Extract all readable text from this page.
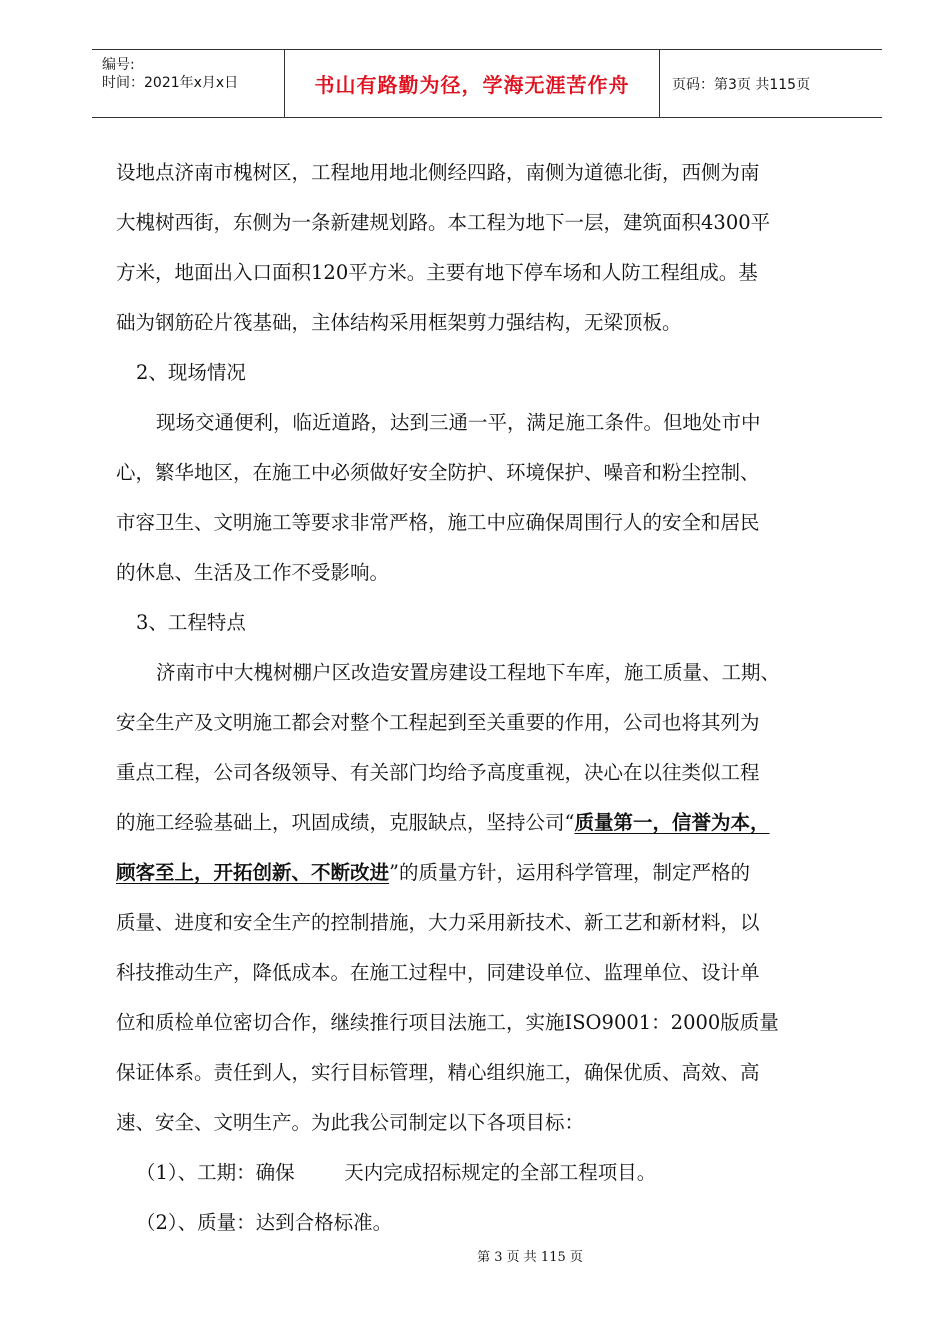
编号:
时间：2021年x月x日	书山有路勤为径，学海无涯苦作舟	页码：第3页 共115页

设地点济南市槐树区，工程地用地北侧经四路，南侧为道德北街，西侧为南

大槐树西街，东侧为一条新建规划路。本工程为地下一层，建筑面积4300平

方米，地面出入口面积120平方米。主要有地下停车场和人防工程组成。基

础为钢筋砼片筏基础，主体结构采用框架剪力强结构，无梁顶板。

2、现场情况

现场交通便利，临近道路，达到三通一平，满足施工条件。但地处市中

心，繁华地区，在施工中必须做好安全防护、环境保护、噪音和粉尘控制、

市容卫生、文明施工等要求非常严格，施工中应确保周围行人的安全和居民

的休息、生活及工作不受影响。

3、工程特点

济南市中大槐树棚户区改造安置房建设工程地下车库，施工质量、工期、

安全生产及文明施工都会对整个工程起到至关重要的作用，公司也将其列为

重点工程，公司各级领导、有关部门均给予高度重视，决心在以往类似工程

的施工经验基础上，巩固成绩，克服缺点，坚持公司“质量第一，信誉为本，

顾客至上，开拓创新、不断改进”的质量方针，运用科学管理，制定严格的

质量、进度和安全生产的控制措施，大力采用新技术、新工艺和新材料，以

科技推动生产，降低成本。在施工过程中，同建设单位、监理单位、设计单

位和质检单位密切合作，继续推行项目法施工，实施ISO9001：2000版质量

保证体系。责任到人，实行目标管理，精心组织施工，确保优质、高效、高

速、安全、文明生产。为此我公司制定以下各项目标：

（1）、工期：确保        天内完成招标规定的全部工程项目。

（2）、质量：达到合格标准。

第 3 页 共 115 页
